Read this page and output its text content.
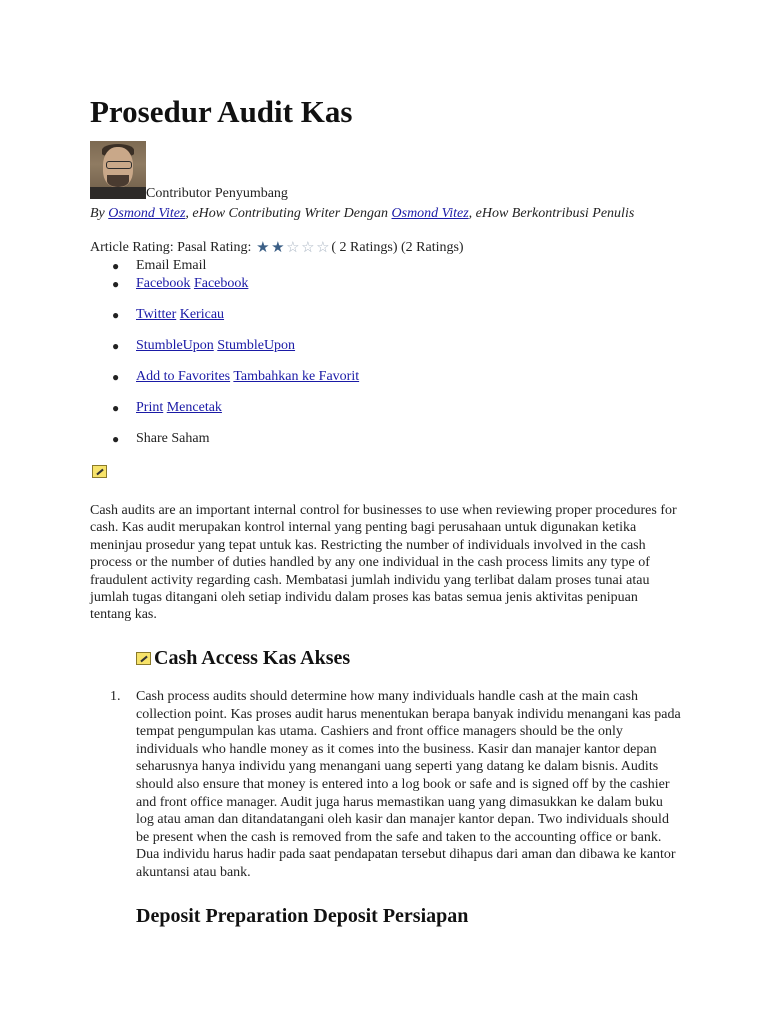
Prosedur Audit Kas
Contributor Penyumbang
By Osmond Vitez, eHow Contributing Writer Dengan Osmond Vitez, eHow Berkontribusi Penulis
Article Rating: Pasal Rating: ★ ★ ☆ ☆ ☆ ( 2 Ratings) (2 Ratings)
● Email Email
● Facebook Facebook
● Twitter Kericau
● StumbleUpon StumbleUpon
● Add to Favorites Tambahkan ke Favorit
● Print Mencetak
● Share Saham

Cash audits are an important internal control for businesses to use when reviewing proper procedures for cash. Kas audit merupakan kontrol internal yang penting bagi perusahaan untuk digunakan ketika meninjau prosedur yang tepat untuk kas. Restricting the number of individuals involved in the cash process or the number of duties handled by any one individual in the cash process limits any type of fraudulent activity regarding cash. Membatasi jumlah individu yang terlibat dalam proses tunai atau jumlah tugas ditangani oleh setiap individu dalam proses kas batas semua jenis aktivitas penipuan tentang kas.

Cash Access Kas Akses
1. Cash process audits should determine how many individuals handle cash at the main cash collection point. Kas proses audit harus menentukan berapa banyak individu menangani kas pada tempat pengumpulan kas utama. Cashiers and front office managers should be the only individuals who handle money as it comes into the business. Kasir dan manajer kantor depan seharusnya hanya individu yang menangani uang seperti yang datang ke dalam bisnis. Audits should also ensure that money is entered into a log book or safe and is signed off by the cashier and front office manager. Audit juga harus memastikan uang yang dimasukkan ke dalam buku log atau aman dan ditandatangani oleh kasir dan manajer kantor depan. Two individuals should be present when the cash is removed from the safe and taken to the accounting office or bank. Dua individu harus hadir pada saat pendapatan tersebut dihapus dari aman dan dibawa ke kantor akuntansi atau bank.
Deposit Preparation Deposit Persiapan
